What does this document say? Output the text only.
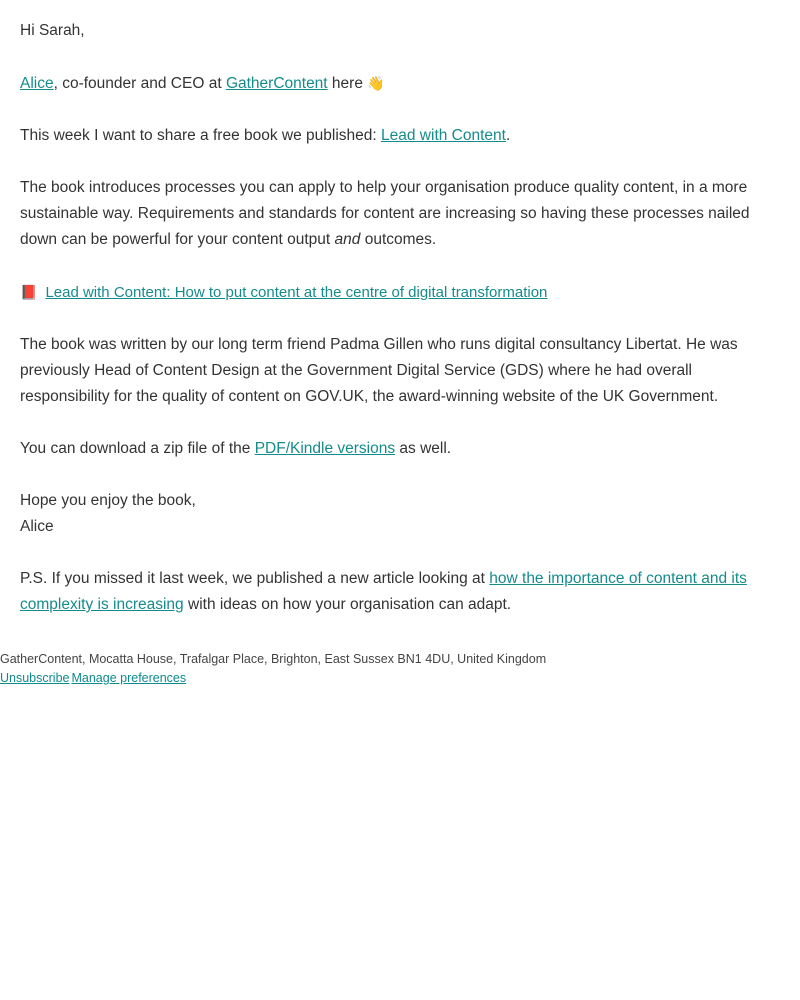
Hi Sarah,

Alice, co-founder and CEO at GatherContent here 👋

This week I want to share a free book we published: Lead with Content.

The book introduces processes you can apply to help your organisation produce quality content, in a more sustainable way. Requirements and standards for content are increasing so having these processes nailed down can be powerful for your content output and outcomes.

📕 Lead with Content: How to put content at the centre of digital transformation

The book was written by our long term friend Padma Gillen who runs digital consultancy Libertat. He was previously Head of Content Design at the Government Digital Service (GDS) where he had overall responsibility for the quality of content on GOV.UK, the award-winning website of the UK Government.

You can download a zip file of the PDF/Kindle versions as well.

Hope you enjoy the book,

Alice

P.S. If you missed it last week, we published a new article looking at how the importance of content and its complexity is increasing with ideas on how your organisation can adapt.

GatherContent, Mocatta House, Trafalgar Place, Brighton, East Sussex BN1 4DU, United Kingdom
Unsubscribe Manage preferences
